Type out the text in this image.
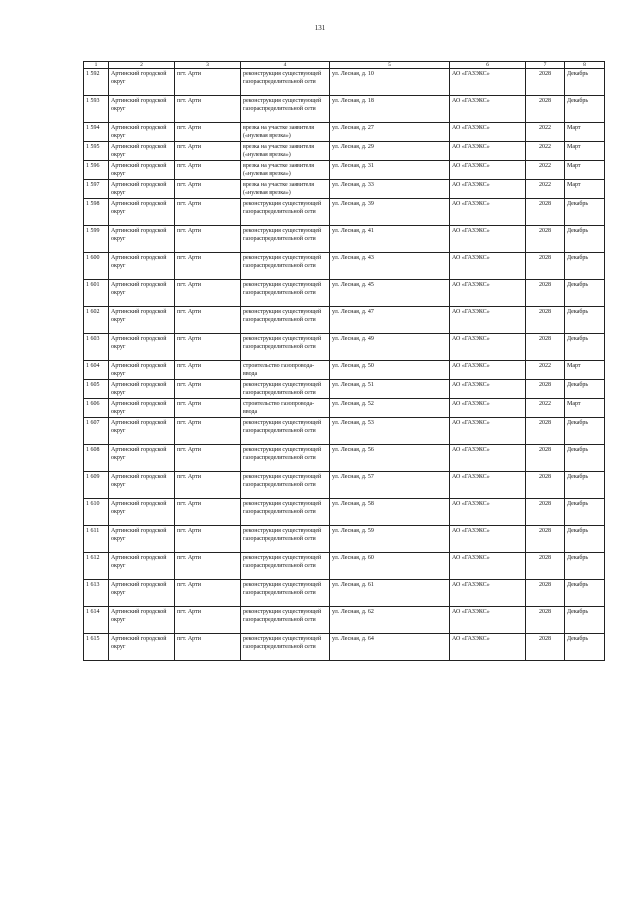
131
1	2	3	4	5	6	7	8
1 592	Артинский городской округ	пгт. Арти	реконструкция существующей газораспределительной сети	ул. Лесная, д. 10	АО «ГАЗЭКС»	2028	Декабрь
1 593	Артинский городской округ	пгт. Арти	реконструкция существующей газораспределительной сети	ул. Лесная, д. 18	АО «ГАЗЭКС»	2028	Декабрь
1 594	Артинский городской округ	пгт. Арти	врезка на участке заявителя («нулевая врезка»)	ул. Лесная, д. 27	АО «ГАЗЭКС»	2022	Март
1 595	Артинский городской округ	пгт. Арти	врезка на участке заявителя («нулевая врезка»)	ул. Лесная, д. 29	АО «ГАЗЭКС»	2022	Март
1 596	Артинский городской округ	пгт. Арти	врезка на участке заявителя («нулевая врезка»)	ул. Лесная, д. 31	АО «ГАЗЭКС»	2022	Март
1 597	Артинский городской округ	пгт. Арти	врезка на участке заявителя («нулевая врезка»)	ул. Лесная, д. 33	АО «ГАЗЭКС»	2022	Март
1 598	Артинский городской округ	пгт. Арти	реконструкция существующей газораспределительной сети	ул. Лесная, д. 39	АО «ГАЗЭКС»	2028	Декабрь
1 599	Артинский городской округ	пгт. Арти	реконструкция существующей газораспределительной сети	ул. Лесная, д. 41	АО «ГАЗЭКС»	2028	Декабрь
1 600	Артинский городской округ	пгт. Арти	реконструкция существующей газораспределительной сети	ул. Лесная, д. 43	АО «ГАЗЭКС»	2028	Декабрь
1 601	Артинский городской округ	пгт. Арти	реконструкция существующей газораспределительной сети	ул. Лесная, д. 45	АО «ГАЗЭКС»	2028	Декабрь
1 602	Артинский городской округ	пгт. Арти	реконструкция существующей газораспределительной сети	ул. Лесная, д. 47	АО «ГАЗЭКС»	2028	Декабрь
1 603	Артинский городской округ	пгт. Арти	реконструкция существующей газораспределительной сети	ул. Лесная, д. 49	АО «ГАЗЭКС»	2028	Декабрь
1 604	Артинский городской округ	пгт. Арти	строительство газопровода-ввода	ул. Лесная, д. 50	АО «ГАЗЭКС»	2022	Март
1 605	Артинский городской округ	пгт. Арти	реконструкция существующей газораспределительной сети	ул. Лесная, д. 51	АО «ГАЗЭКС»	2028	Декабрь
1 606	Артинский городской округ	пгт. Арти	строительство газопровода-ввода	ул. Лесная, д. 52	АО «ГАЗЭКС»	2022	Март
1 607	Артинский городской округ	пгт. Арти	реконструкция существующей газораспределительной сети	ул. Лесная, д. 53	АО «ГАЗЭКС»	2028	Декабрь
1 608	Артинский городской округ	пгт. Арти	реконструкция существующей газораспределительной сети	ул. Лесная, д. 56	АО «ГАЗЭКС»	2028	Декабрь
1 609	Артинский городской округ	пгт. Арти	реконструкция существующей газораспределительной сети	ул. Лесная, д. 57	АО «ГАЗЭКС»	2028	Декабрь
1 610	Артинский городской округ	пгт. Арти	реконструкция существующей газораспределительной сети	ул. Лесная, д. 58	АО «ГАЗЭКС»	2028	Декабрь
1 611	Артинский городской округ	пгт. Арти	реконструкция существующей газораспределительной сети	ул. Лесная, д. 59	АО «ГАЗЭКС»	2028	Декабрь
1 612	Артинский городской округ	пгт. Арти	реконструкция существующей газораспределительной сети	ул. Лесная, д. 60	АО «ГАЗЭКС»	2028	Декабрь
1 613	Артинский городской округ	пгт. Арти	реконструкция существующей газораспределительной сети	ул. Лесная, д. 61	АО «ГАЗЭКС»	2028	Декабрь
1 614	Артинский городской округ	пгт. Арти	реконструкция существующей газораспределительной сети	ул. Лесная, д. 62	АО «ГАЗЭКС»	2028	Декабрь
1 615	Артинский городской округ	пгт. Арти	реконструкция существующей газораспределительной сети	ул. Лесная, д. 64	АО «ГАЗЭКС»	2028	Декабрь
